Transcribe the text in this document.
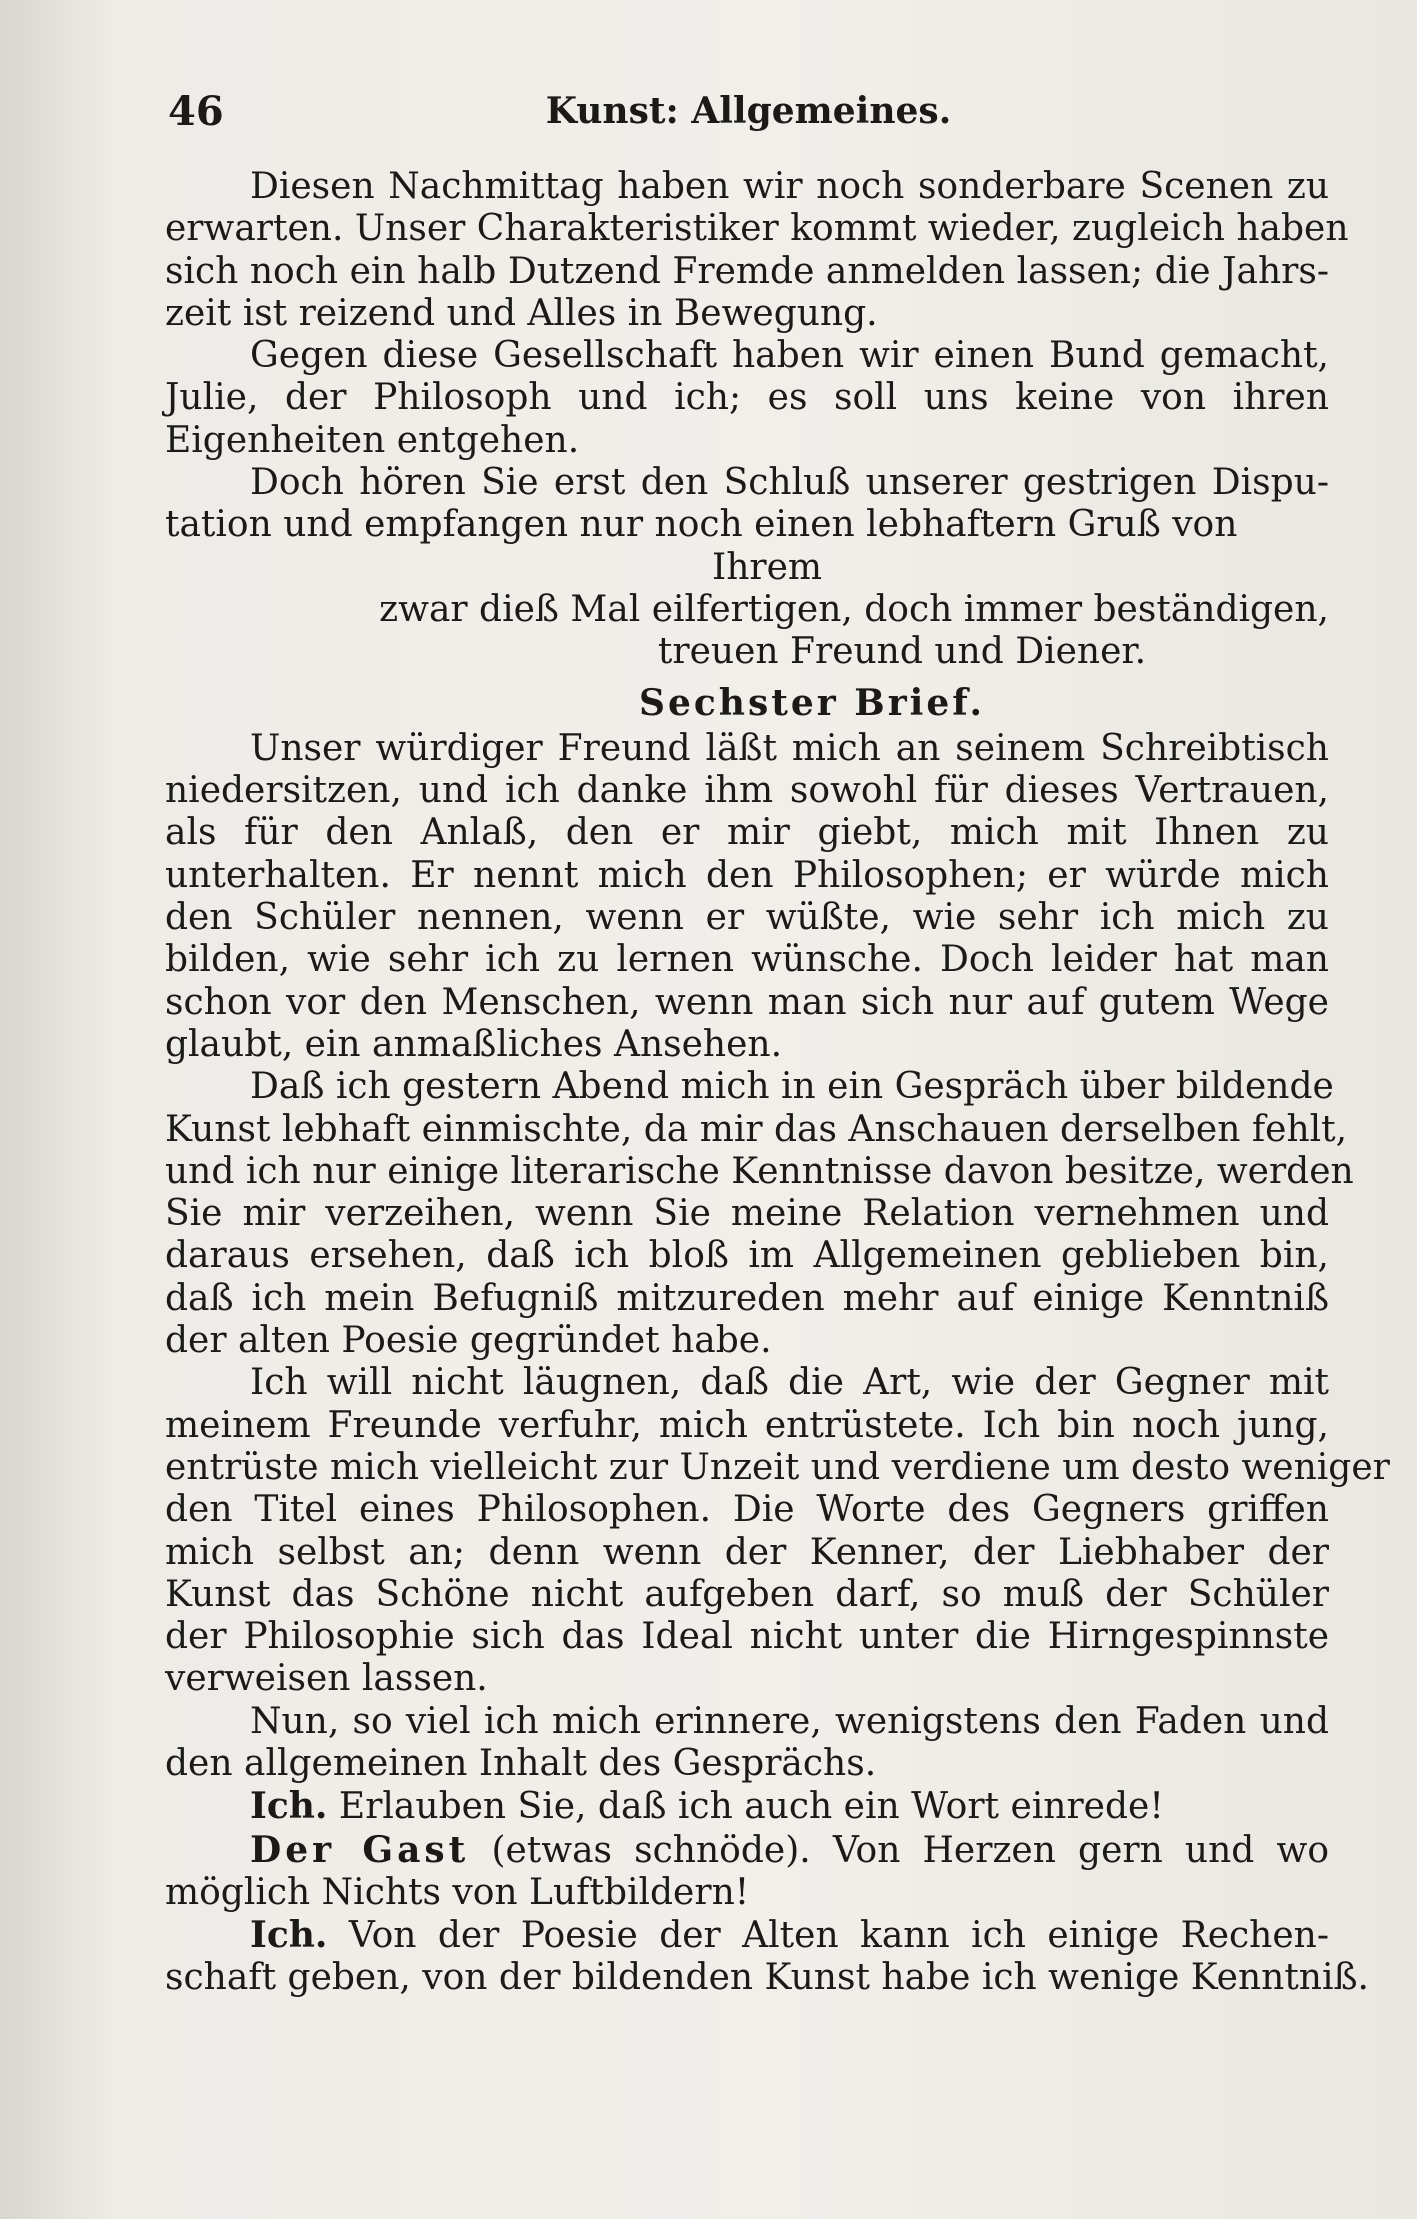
46	Kunst: Allgemeines.
Diesen Nachmittag haben wir noch sonderbare Scenen zu
erwarten. Unser Charakteristiker kommt wieder, zugleich haben
sich noch ein halb Dutzend Fremde anmelden lassen; die Jahrs-
zeit ist reizend und Alles in Bewegung.
Gegen diese Gesellschaft haben wir einen Bund gemacht,
Julie, der Philosoph und ich; es soll uns keine von ihren
Eigenheiten entgehen.
Doch hören Sie erst den Schluß unserer gestrigen Dispu-
tation und empfangen nur noch einen lebhaftern Gruß von
Ihrem
zwar dieß Mal eilfertigen, doch immer beständigen,
treuen Freund und Diener.
Sechster Brief.
Unser würdiger Freund läßt mich an seinem Schreibtisch
niedersitzen, und ich danke ihm sowohl für dieses Vertrauen,
als für den Anlaß, den er mir giebt, mich mit Ihnen zu
unterhalten. Er nennt mich den Philosophen; er würde mich
den Schüler nennen, wenn er wüßte, wie sehr ich mich zu
bilden, wie sehr ich zu lernen wünsche. Doch leider hat man
schon vor den Menschen, wenn man sich nur auf gutem Wege
glaubt, ein anmaßliches Ansehen.
Daß ich gestern Abend mich in ein Gespräch über bildende
Kunst lebhaft einmischte, da mir das Anschauen derselben fehlt,
und ich nur einige literarische Kenntnisse davon besitze, werden
Sie mir verzeihen, wenn Sie meine Relation vernehmen und
daraus ersehen, daß ich bloß im Allgemeinen geblieben bin,
daß ich mein Befugniß mitzureden mehr auf einige Kenntniß
der alten Poesie gegründet habe.
Ich will nicht läugnen, daß die Art, wie der Gegner mit
meinem Freunde verfuhr, mich entrüstete. Ich bin noch jung,
entrüste mich vielleicht zur Unzeit und verdiene um desto weniger
den Titel eines Philosophen. Die Worte des Gegners griffen
mich selbst an; denn wenn der Kenner, der Liebhaber der
Kunst das Schöne nicht aufgeben darf, so muß der Schüler
der Philosophie sich das Ideal nicht unter die Hirngespinnste
verweisen lassen.
Nun, so viel ich mich erinnere, wenigstens den Faden und
den allgemeinen Inhalt des Gesprächs.
Ich. Erlauben Sie, daß ich auch ein Wort einrede!
Der Gast (etwas schnöde). Von Herzen gern und wo
möglich Nichts von Luftbildern!
Ich. Von der Poesie der Alten kann ich einige Rechen-
schaft geben, von der bildenden Kunst habe ich wenige Kenntniß.
